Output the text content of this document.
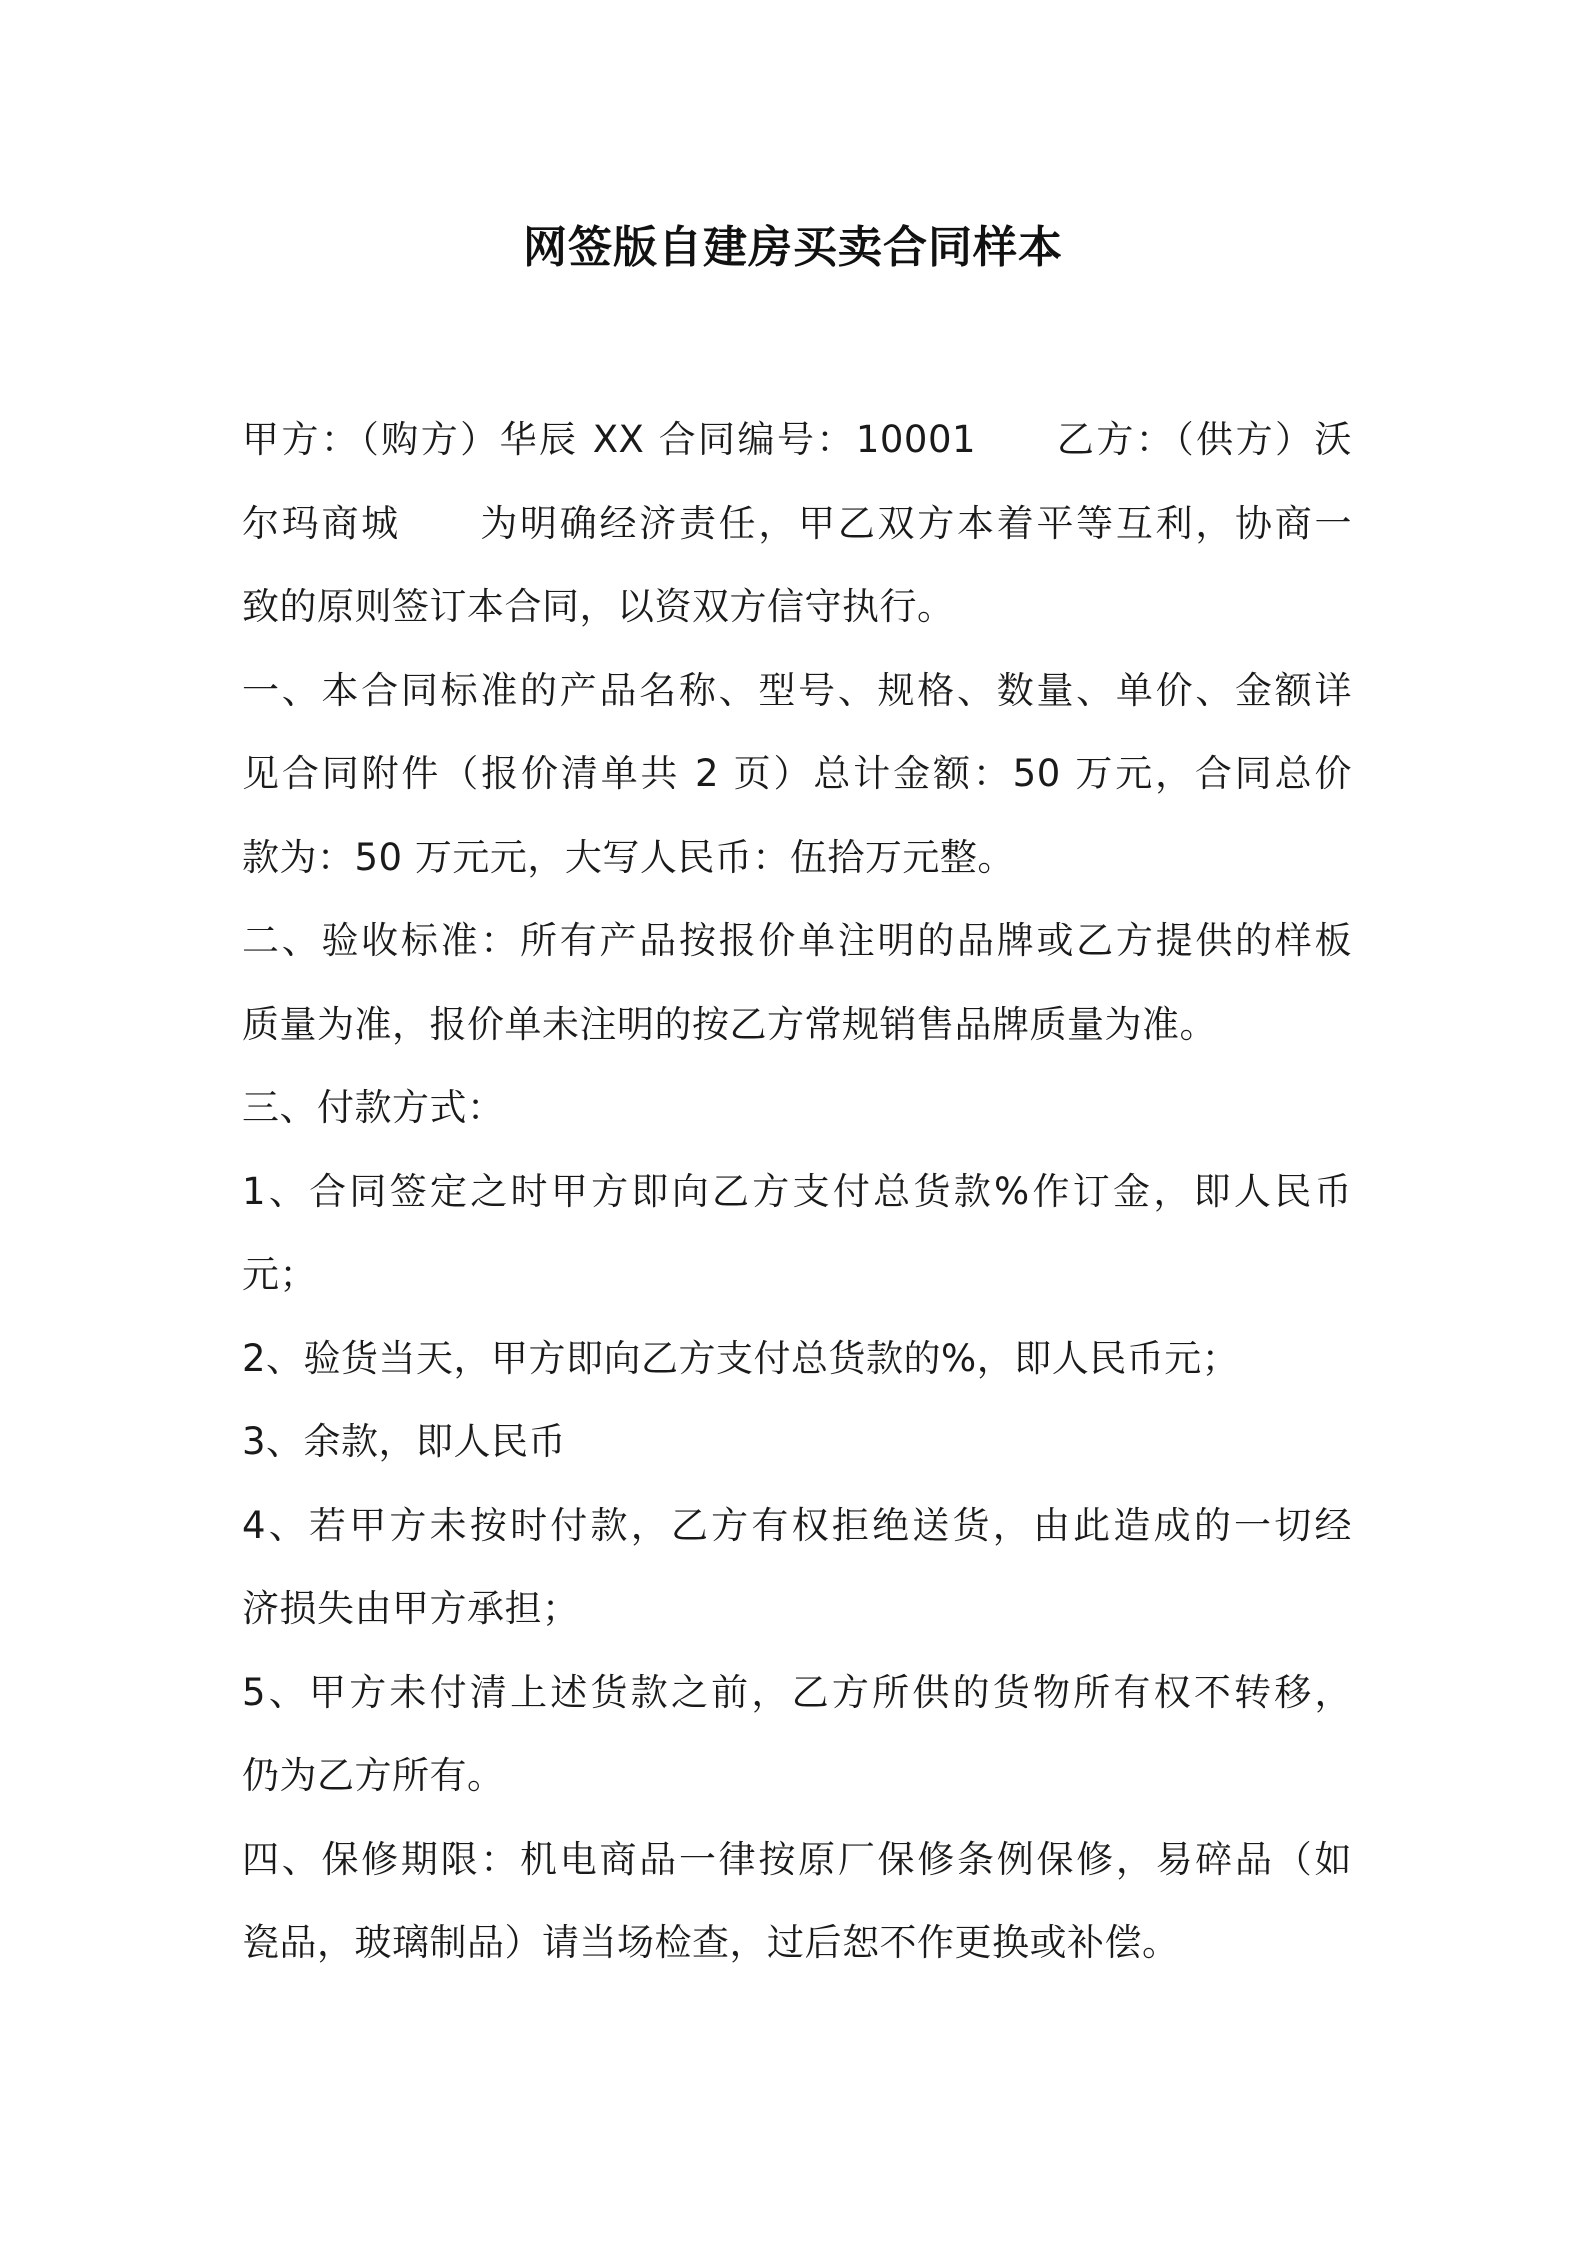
网签版自建房买卖合同样本
甲方：（购方）华辰 XX 合同编号：10001　　乙方：（供方）沃
尔玛商城　　为明确经济责任，甲乙双方本着平等互利，协商一
致的原则签订本合同，以资双方信守执行。
一、本合同标准的产品名称、型号、规格、数量、单价、金额详
见合同附件（报价清单共 2 页）总计金额：50 万元，合同总价
款为：50 万元元，大写人民币：伍拾万元整。
二、验收标准：所有产品按报价单注明的品牌或乙方提供的样板
质量为准，报价单未注明的按乙方常规销售品牌质量为准。
三、付款方式：
1、合同签定之时甲方即向乙方支付总货款%作订金，即人民币
元；
2、验货当天，甲方即向乙方支付总货款的%，即人民币元；
3、余款，即人民币
4、若甲方未按时付款，乙方有权拒绝送货，由此造成的一切经
济损失由甲方承担；
5、甲方未付清上述货款之前，乙方所供的货物所有权不转移，
仍为乙方所有。
四、保修期限：机电商品一律按原厂保修条例保修，易碎品（如
瓷品，玻璃制品）请当场检查，过后恕不作更换或补偿。
